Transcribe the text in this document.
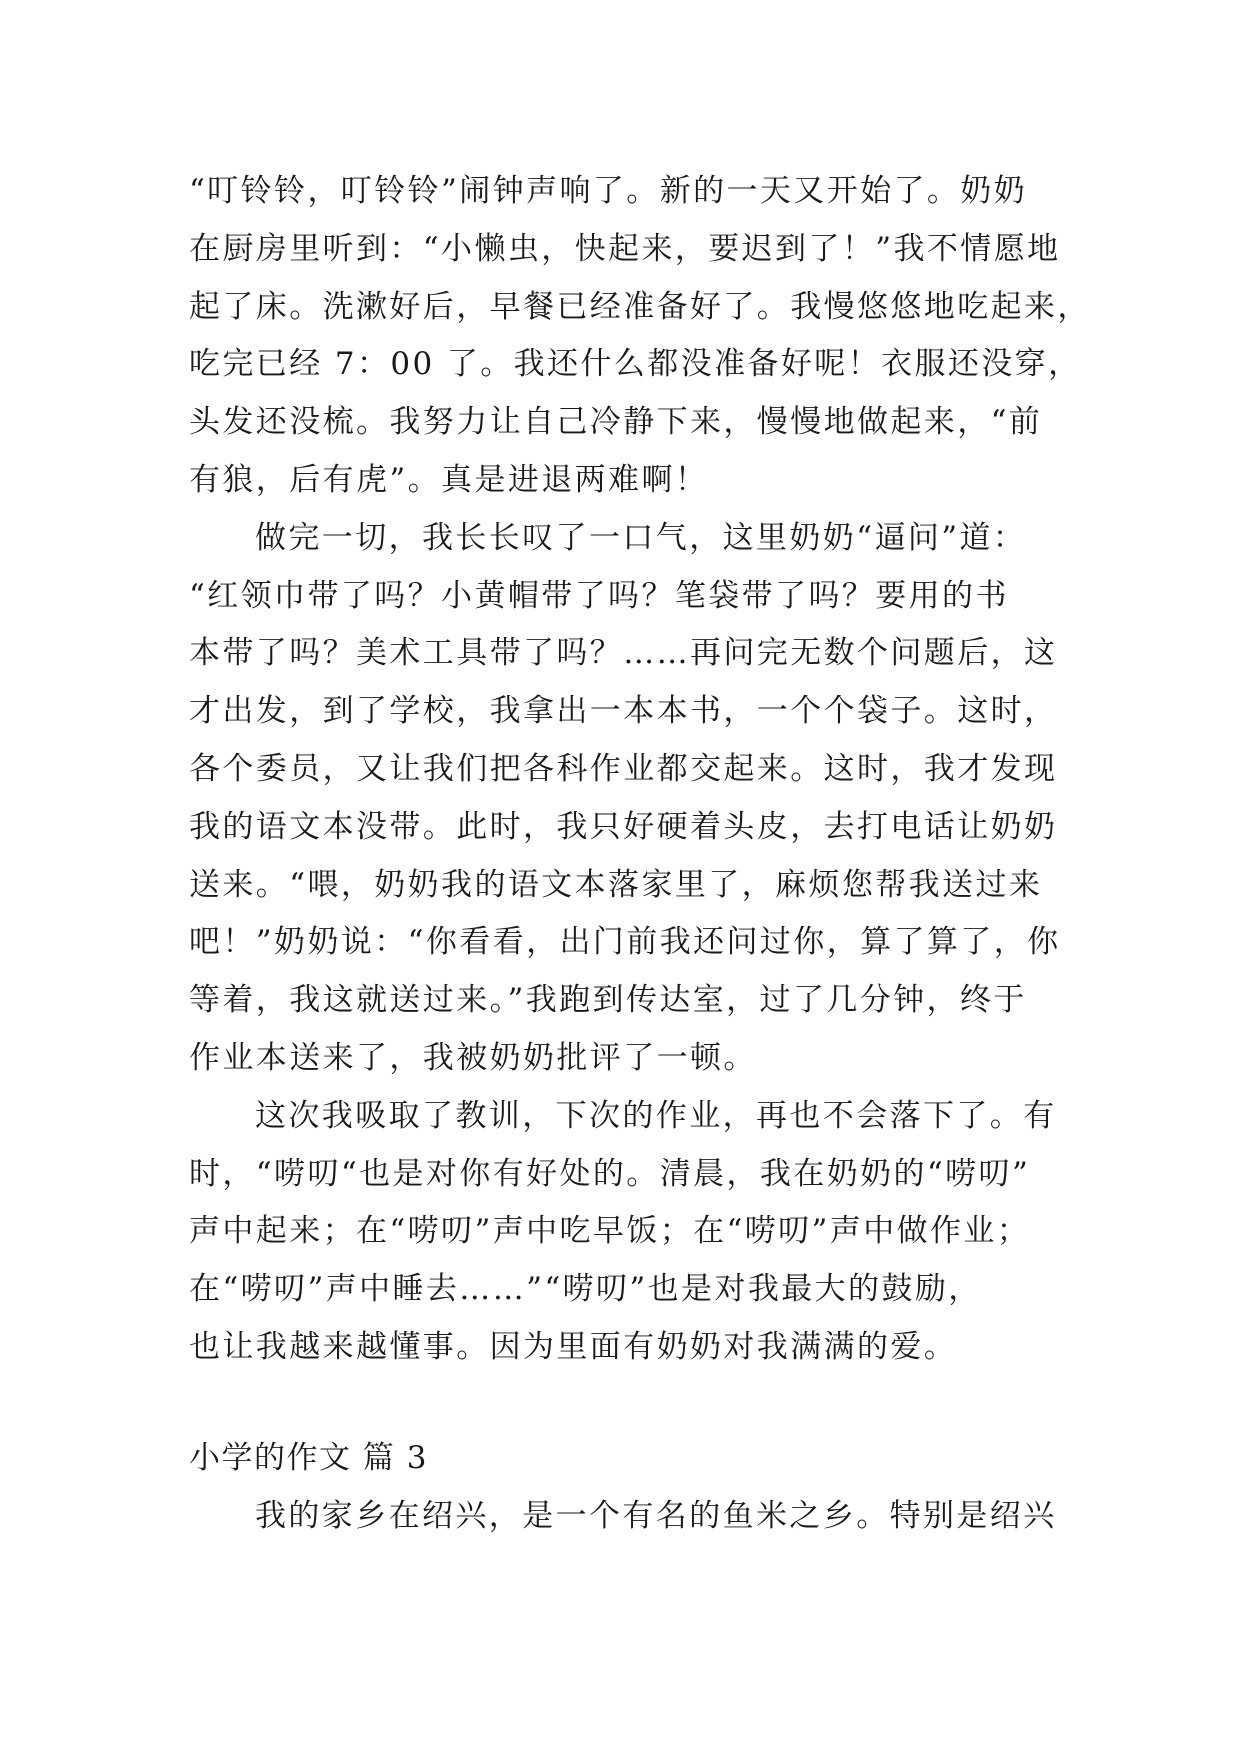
“叮铃铃，叮铃铃”闹钟声响了。新的一天又开始了。奶奶
在厨房里听到：“小懒虫，快起来，要迟到了！”我不情愿地
起了床。洗漱好后，早餐已经准备好了。我慢悠悠地吃起来，
吃完已经 7：00 了。我还什么都没准备好呢！衣服还没穿，
头发还没梳。我努力让自己冷静下来，慢慢地做起来，“前
有狼，后有虎”。真是进退两难啊！
做完一切，我长长叹了一口气，这里奶奶“逼问”道：
“红领巾带了吗？小黄帽带了吗？笔袋带了吗？要用的书
本带了吗？美术工具带了吗？……再问完无数个问题后，这
才出发，到了学校，我拿出一本本书，一个个袋子。这时，
各个委员，又让我们把各科作业都交起来。这时，我才发现
我的语文本没带。此时，我只好硬着头皮，去打电话让奶奶
送来。“喂，奶奶我的语文本落家里了，麻烦您帮我送过来
吧！”奶奶说：“你看看，出门前我还问过你，算了算了，你
等着，我这就送过来。”我跑到传达室，过了几分钟，终于
作业本送来了，我被奶奶批评了一顿。
这次我吸取了教训，下次的作业，再也不会落下了。有
时，“唠叨“也是对你有好处的。清晨，我在奶奶的“唠叨”
声中起来；在“唠叨”声中吃早饭；在“唠叨”声中做作业；
在“唠叨”声中睡去……”“唠叨”也是对我最大的鼓励，
也让我越来越懂事。因为里面有奶奶对我满满的爱。
小学的作文 篇 3
我的家乡在绍兴，是一个有名的鱼米之乡。特别是绍兴
